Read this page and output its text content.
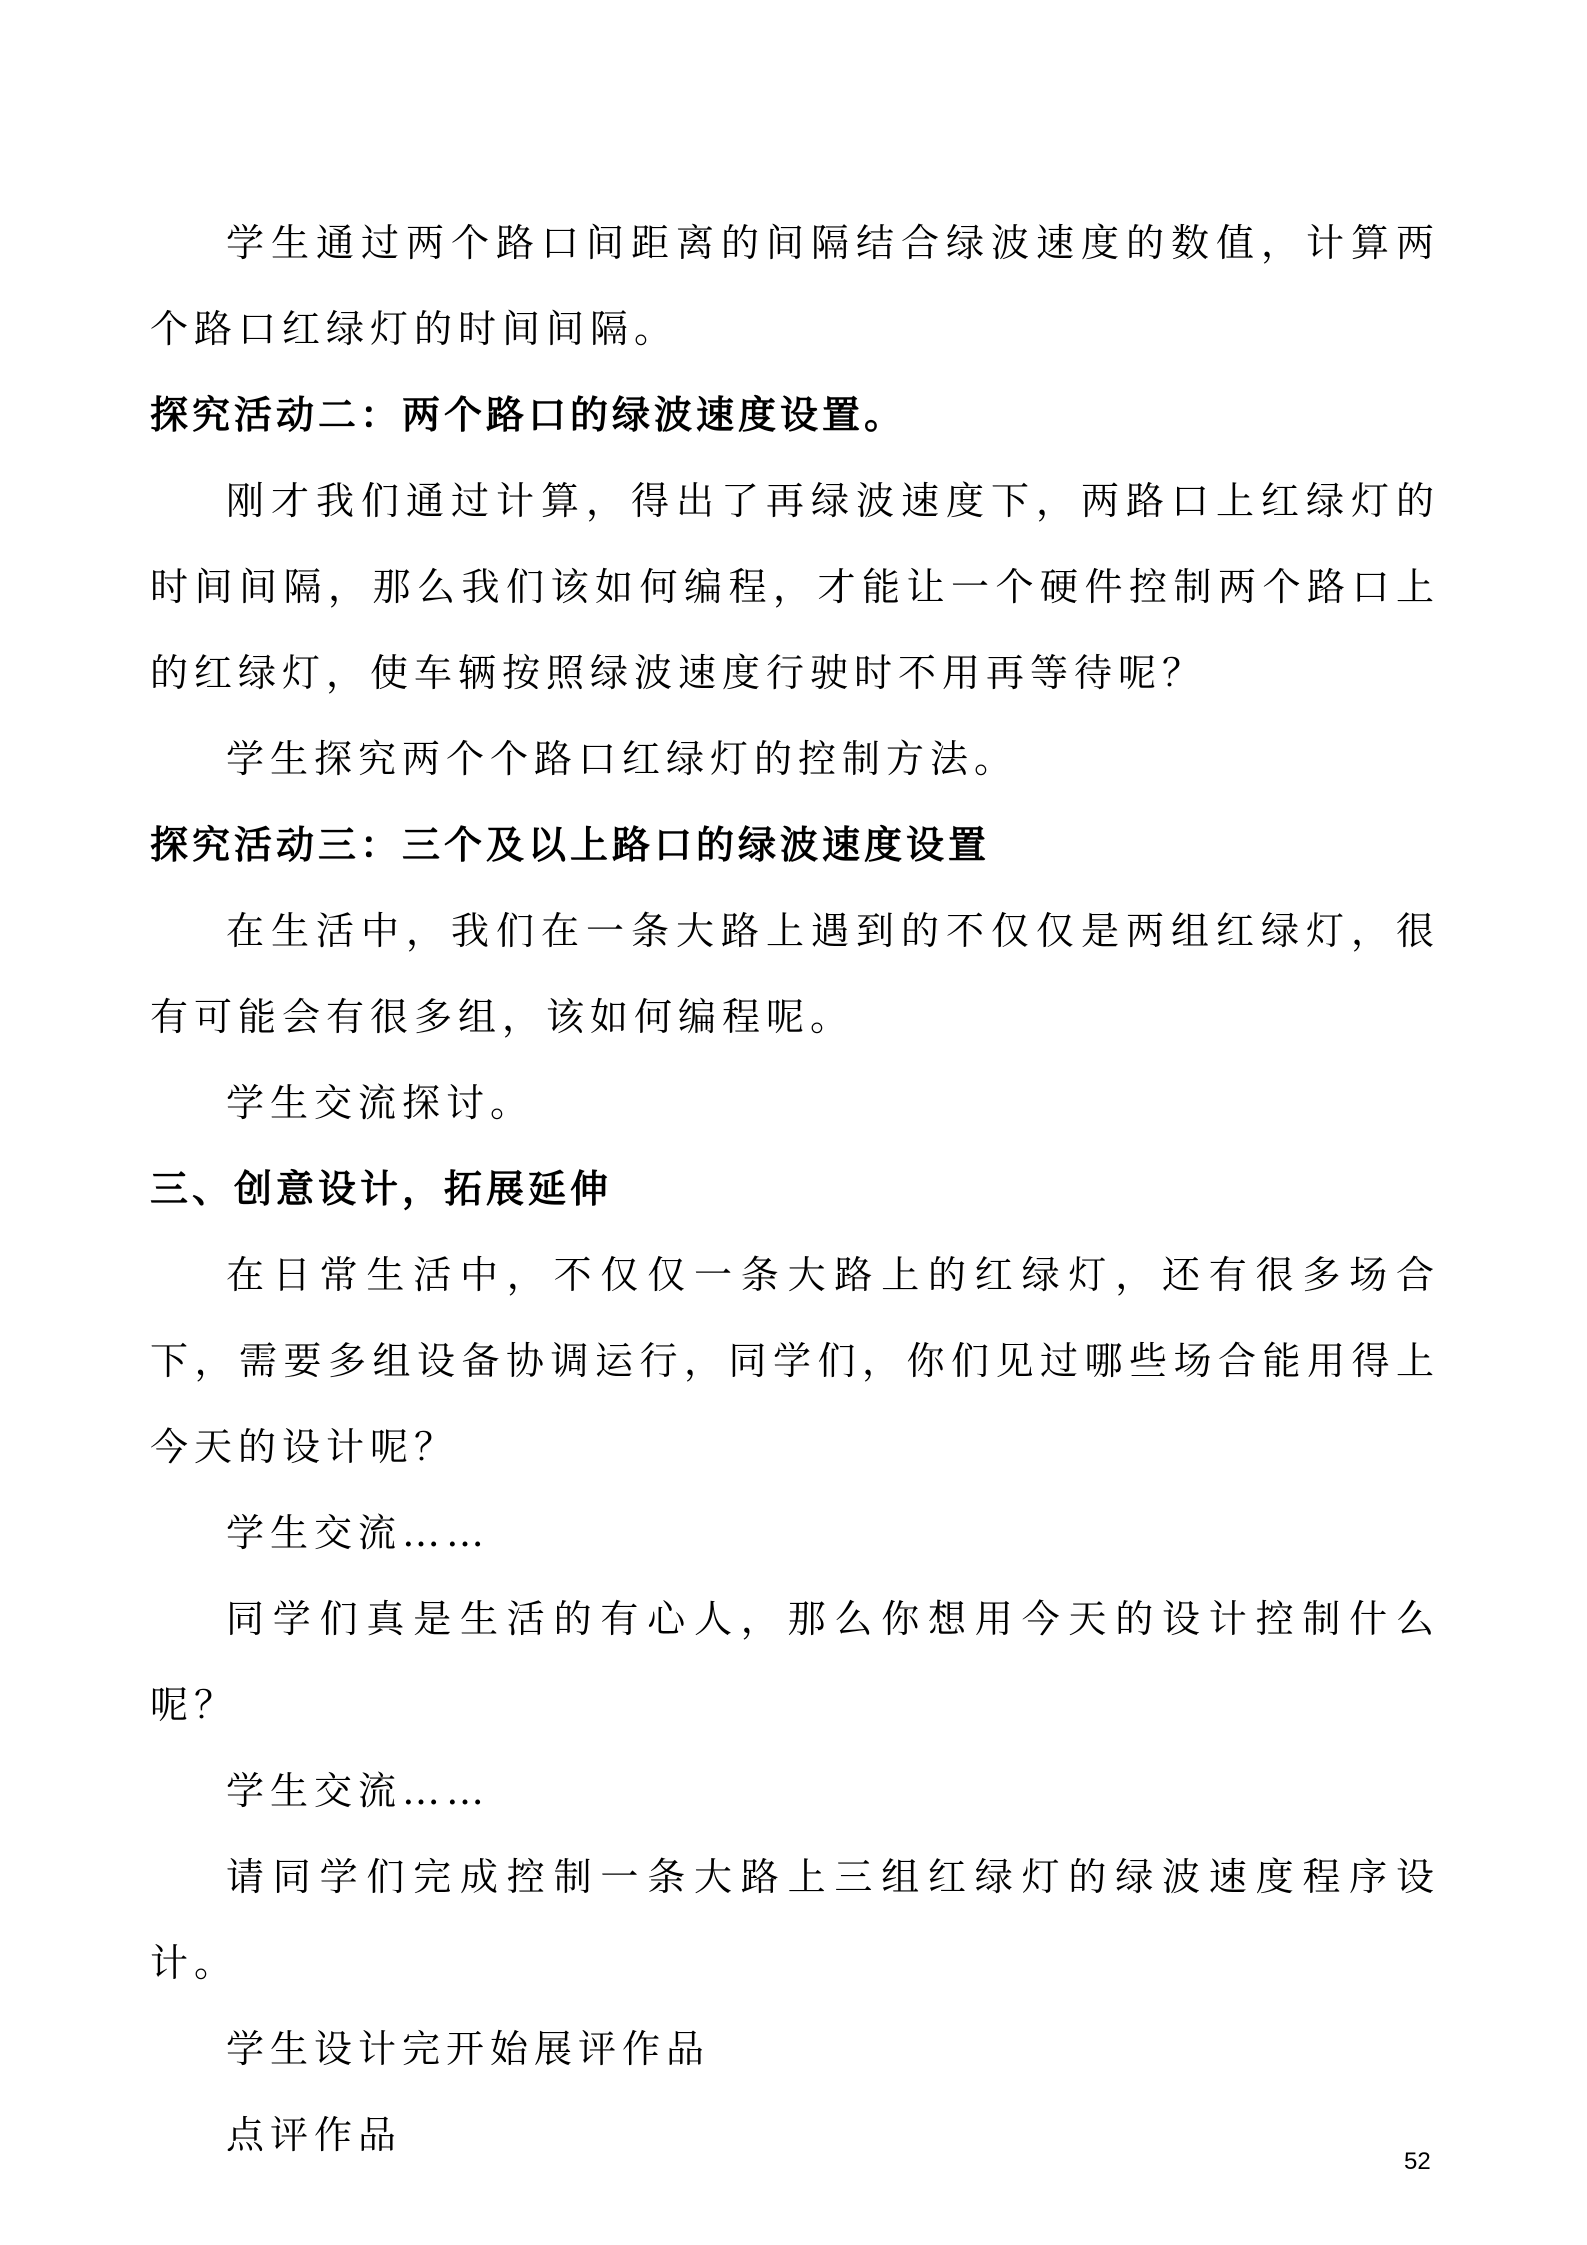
学生通过两个路口间距离的间隔结合绿波速度的数值，计算两个路口红绿灯的时间间隔。

探究活动二：两个路口的绿波速度设置。

刚才我们通过计算，得出了再绿波速度下，两路口上红绿灯的时间间隔，那么我们该如何编程，才能让一个硬件控制两个路口上的红绿灯，使车辆按照绿波速度行驶时不用再等待呢？

学生探究两个个路口红绿灯的控制方法。

探究活动三：三个及以上路口的绿波速度设置

在生活中，我们在一条大路上遇到的不仅仅是两组红绿灯，很有可能会有很多组，该如何编程呢。

学生交流探讨。

三、创意设计，拓展延伸

在日常生活中，不仅仅一条大路上的红绿灯，还有很多场合下，需要多组设备协调运行，同学们，你们见过哪些场合能用得上今天的设计呢？

学生交流……

同学们真是生活的有心人，那么你想用今天的设计控制什么呢？

学生交流……

请同学们完成控制一条大路上三组红绿灯的绿波速度程序设计。

学生设计完开始展评作品

点评作品

52
